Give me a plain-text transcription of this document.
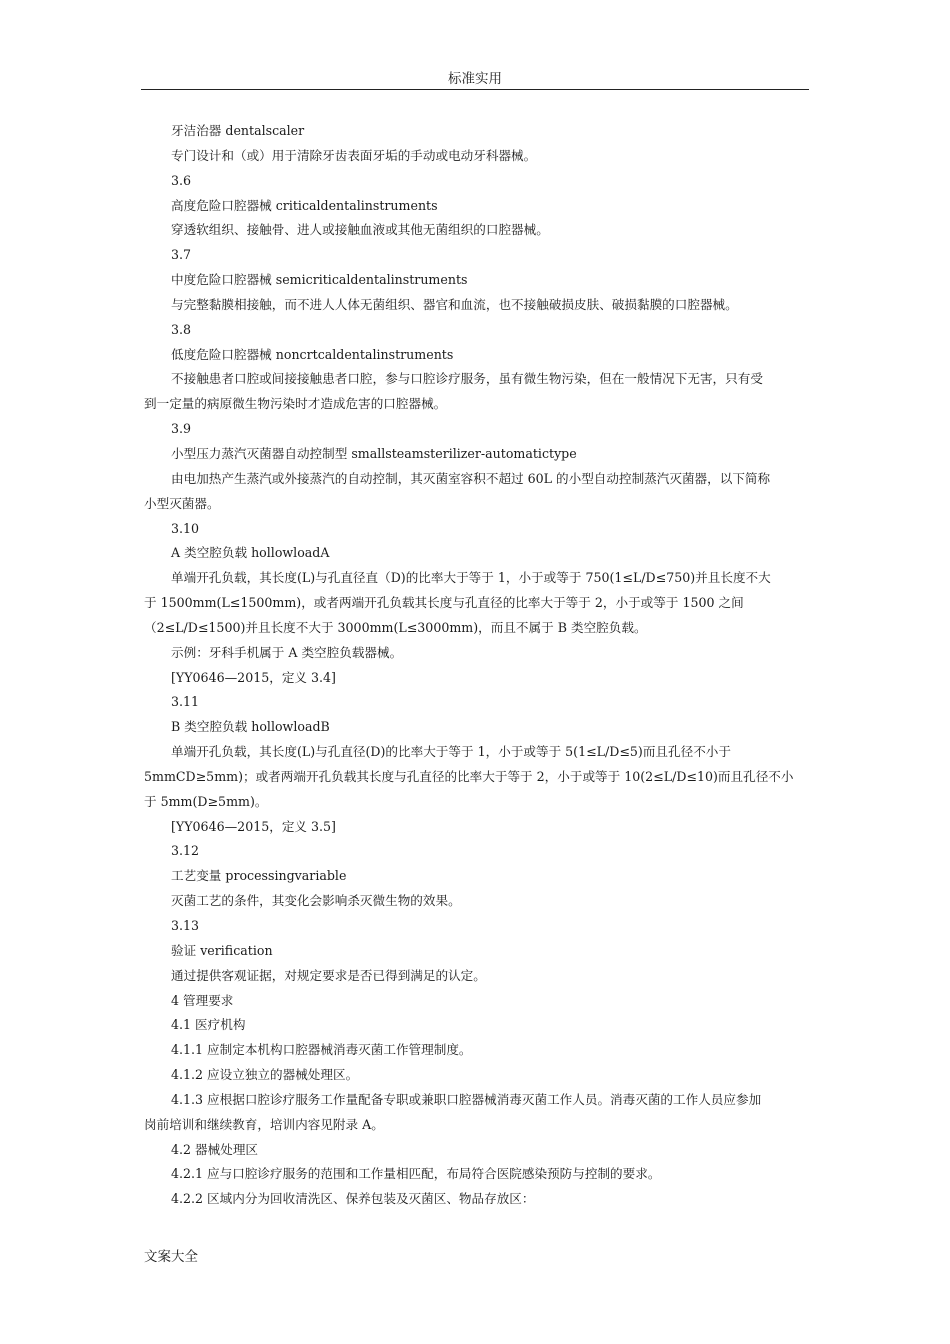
标准实用
牙洁治器 dentalscaler
专门设计和（或）用于清除牙齿表面牙垢的手动或电动牙科器械。
3.6
高度危险口腔器械 criticaldentalinstruments
穿透软组织、接触骨、进人或接触血液或其他无菌组织的口腔器械。
3.7
中度危险口腔器械 semicriticaldentalinstruments
与完整黏膜相接触，而不进人人体无菌组织、器官和血流，也不接触破损皮肤、破损黏膜的口腔器械。
3.8
低度危险口腔器械 noncrtcaldentalinstruments
不接触患者口腔或间接接触患者口腔，参与口腔诊疗服务，虽有微生物污染，但在一般情况下无害，只有受
到一定量的病原微生物污染时才造成危害的口腔器械。
3.9
小型压力蒸汽灭菌器自动控制型 smallsteamsterilizer-automatictype
由电加热产生蒸汽或外接蒸汽的自动控制，其灭菌室容积不超过 60L 的小型自动控制蒸汽灭菌器，以下简称
小型灭菌器。
3.10
A 类空腔负载 hollowloadA
单端开孔负载，其长度(L)与孔直径直（D)的比率大于等于 1，小于或等于 750(1≤L/D≤750)并且长度不大
于 1500mm(L≤1500mm)，或者两端开孔负载其长度与孔直径的比率大于等于 2，小于或等于 1500 之间
（2≤L/D≤1500)并且长度不大于 3000mm(L≤3000mm)，而且不属于 B 类空腔负载。
示例：牙科手机属于 A 类空腔负载器械。
[YY0646—2015，定义 3.4]
3.11
B 类空腔负载 hollowloadB
单端开孔负载，其长度(L)与孔直径(D)的比率大于等于 1，小于或等于 5(1≤L/D≤5)而且孔径不小于
5mmCD≥5mm)；或者两端开孔负载其长度与孔直径的比率大于等于 2，小于或等于 10(2≤L/D≤10)而且孔径不小
于 5mm(D≥5mm)。
[YY0646—2015，定义 3.5]
3.12
工艺变量 processingvariable
灭菌工艺的条件，其变化会影响杀灭微生物的效果。
3.13
验证 verification
通过提供客观证据，对规定要求是否已得到满足的认定。
4 管理要求
4.1 医疗机构
4.1.1 应制定本机构口腔器械消毒灭菌工作管理制度。
4.1.2 应设立独立的器械处理区。
4.1.3 应根据口腔诊疗服务工作量配备专职或兼职口腔器械消毒灭菌工作人员。消毒灭菌的工作人员应参加
岗前培训和继续教育，培训内容见附录 A。
4.2 器械处理区
4.2.1 应与口腔诊疗服务的范围和工作量相匹配，布局符合医院感染预防与控制的要求。
4.2.2 区域内分为回收清洗区、保养包装及灭菌区、物品存放区：
文案大全
